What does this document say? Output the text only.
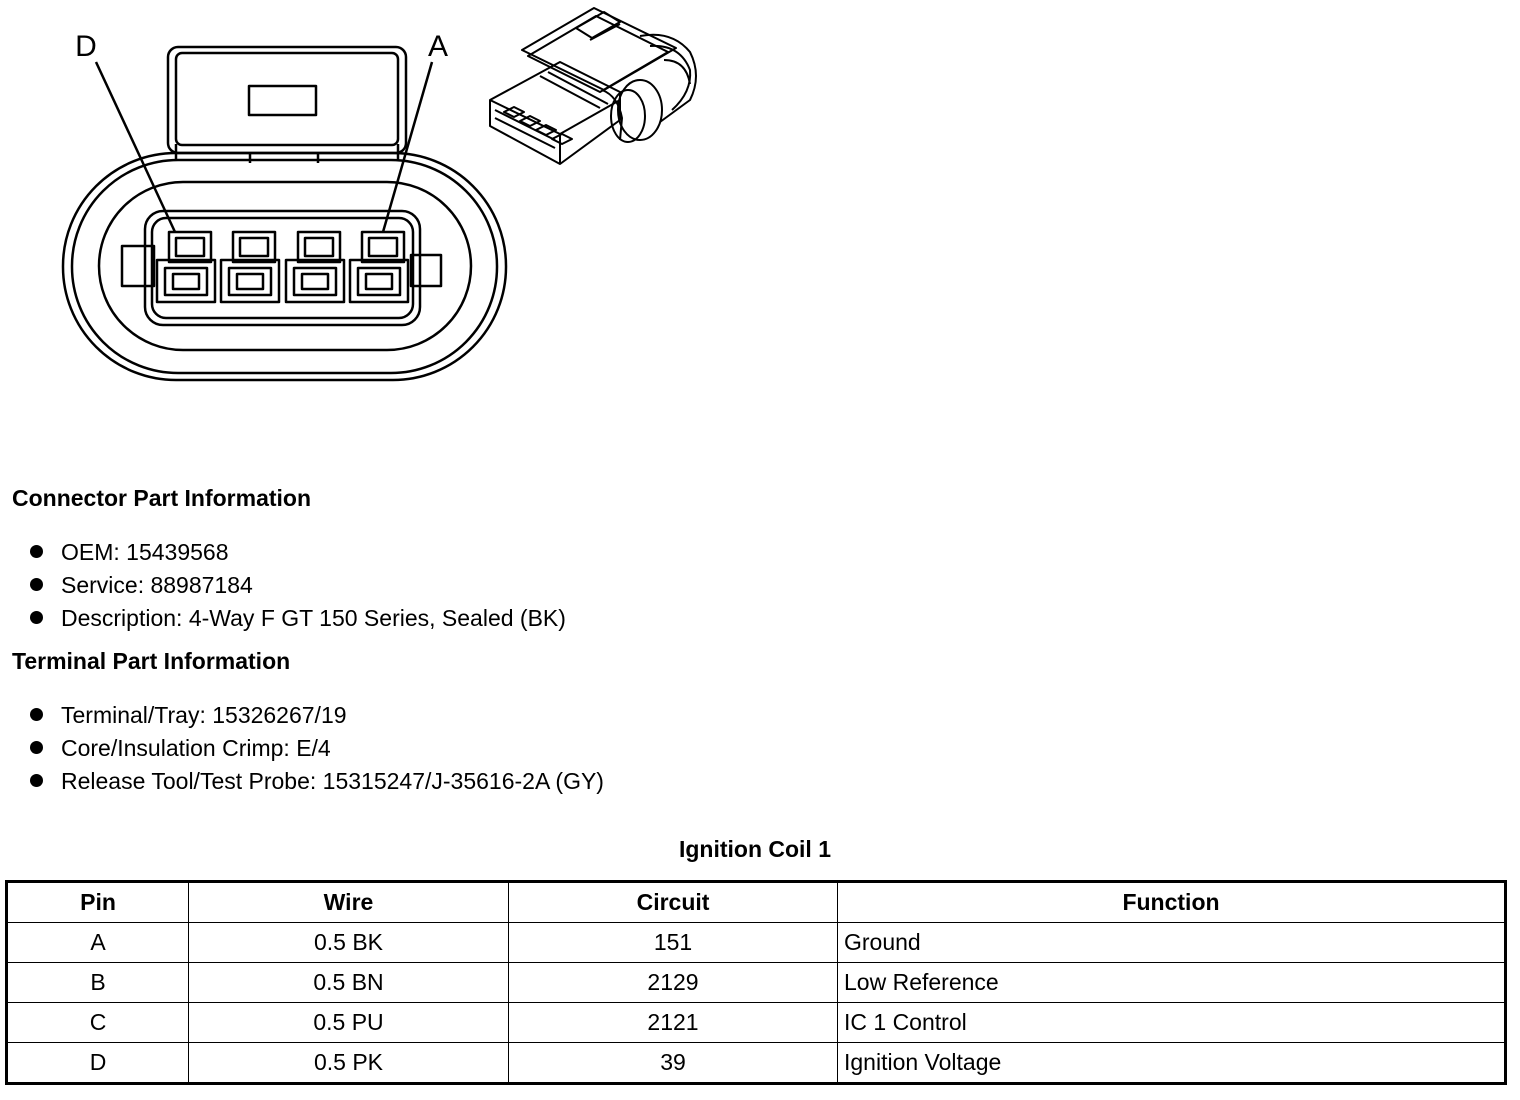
D	A
Connector Part Information
OEM: 15439568
Service: 88987184
Description: 4-Way F GT 150 Series, Sealed (BK)
Terminal Part Information
Terminal/Tray: 15326267/19
Core/Insulation Crimp: E/4
Release Tool/Test Probe: 15315247/J-35616-2A (GY)
Ignition Coil 1
Pin	Wire	Circuit	Function
A	0.5 BK	151	Ground
B	0.5 BN	2129	Low Reference
C	0.5 PU	2121	IC 1 Control
D	0.5 PK	39	Ignition Voltage
